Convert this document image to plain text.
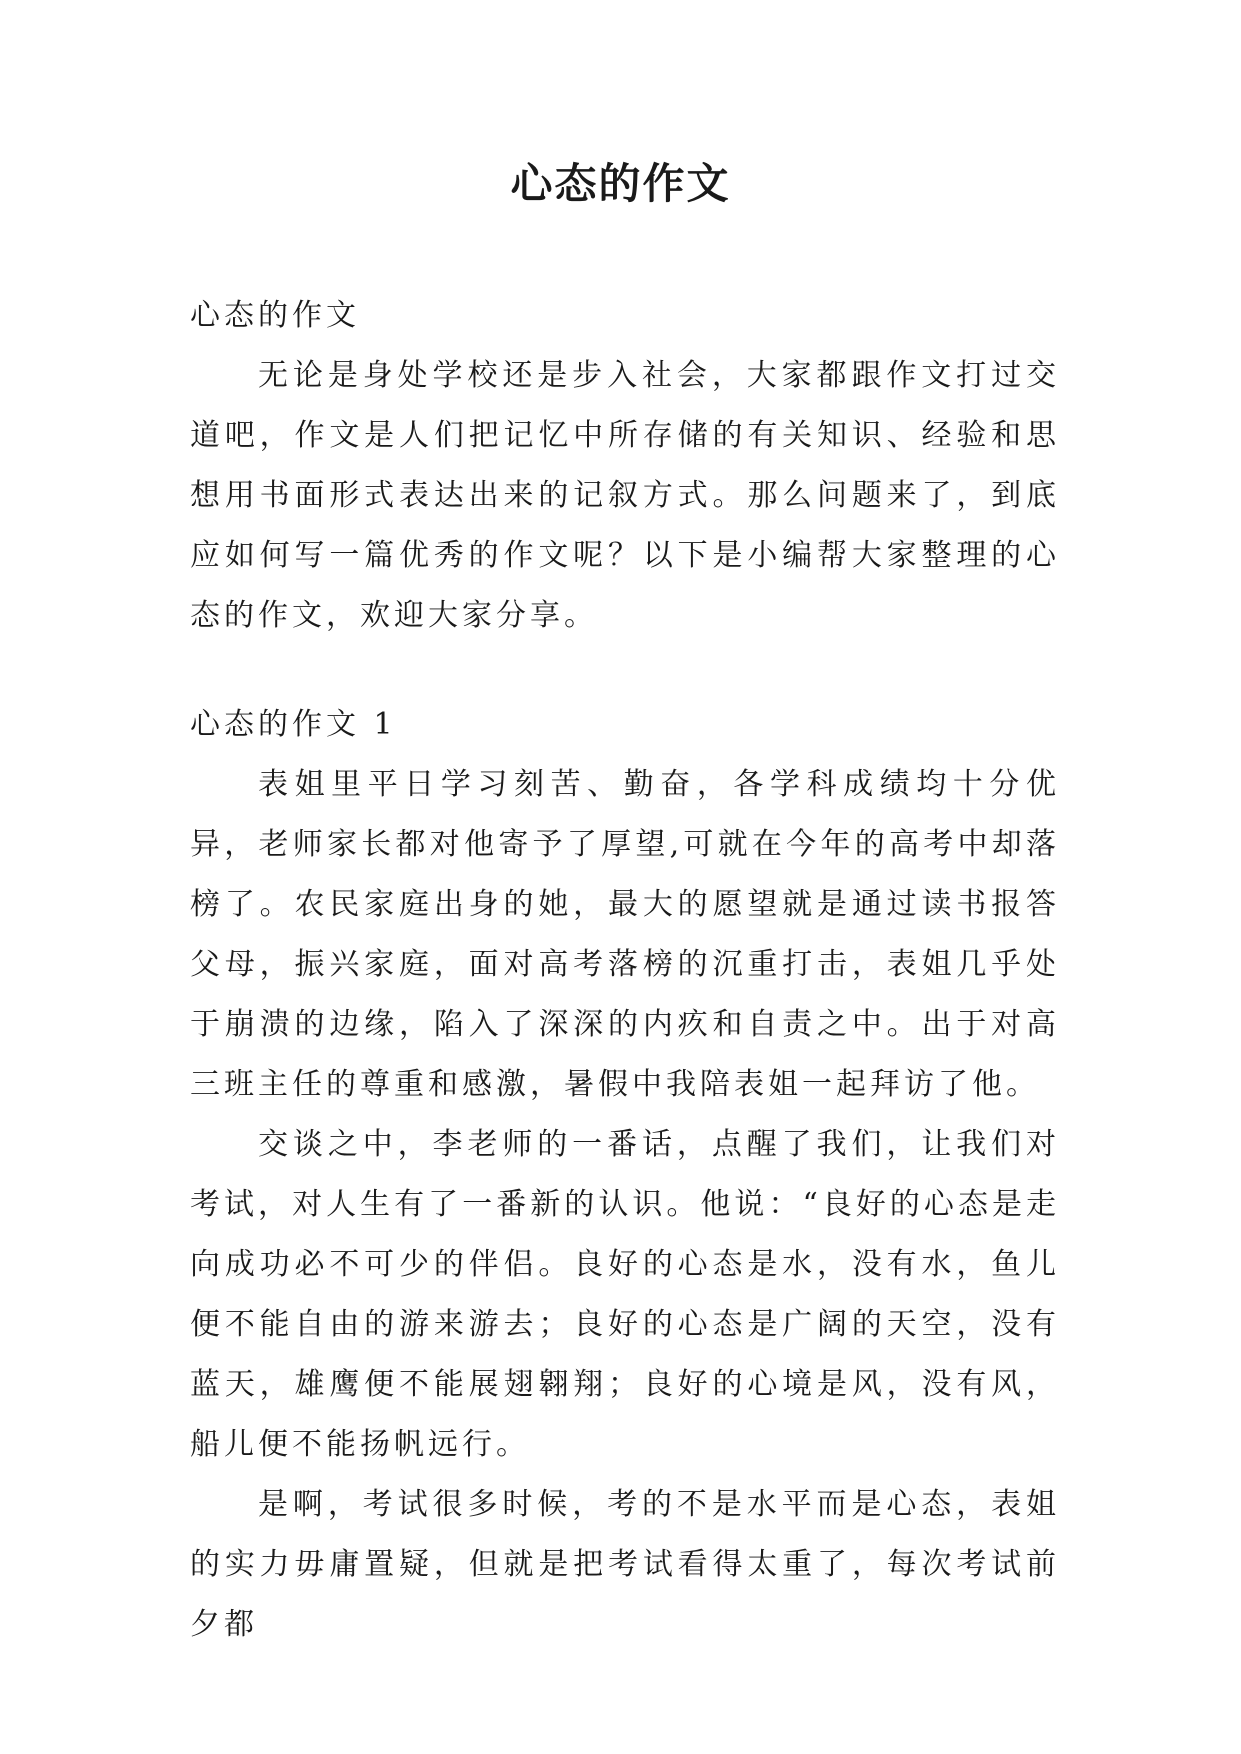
心态的作文

心态的作文

无论是身处学校还是步入社会，大家都跟作文打过交道吧，作文是人们把记忆中所存储的有关知识、经验和思想用书面形式表达出来的记叙方式。那么问题来了，到底应如何写一篇优秀的作文呢？以下是小编帮大家整理的心态的作文，欢迎大家分享。

心态的作文 1

表姐里平日学习刻苦、勤奋，各学科成绩均十分优异，老师家长都对他寄予了厚望,可就在今年的高考中却落榜了。农民家庭出身的她，最大的愿望就是通过读书报答父母，振兴家庭，面对高考落榜的沉重打击，表姐几乎处于崩溃的边缘，陷入了深深的内疚和自责之中。出于对高三班主任的尊重和感激，暑假中我陪表姐一起拜访了他。

交谈之中，李老师的一番话，点醒了我们，让我们对考试，对人生有了一番新的认识。他说：“良好的心态是走向成功必不可少的伴侣。良好的心态是水，没有水，鱼儿便不能自由的游来游去；良好的心态是广阔的天空，没有蓝天，雄鹰便不能展翅翱翔；良好的心境是风，没有风，船儿便不能扬帆远行。

是啊，考试很多时候，考的不是水平而是心态，表姐的实力毋庸置疑，但就是把考试看得太重了，每次考试前夕都
